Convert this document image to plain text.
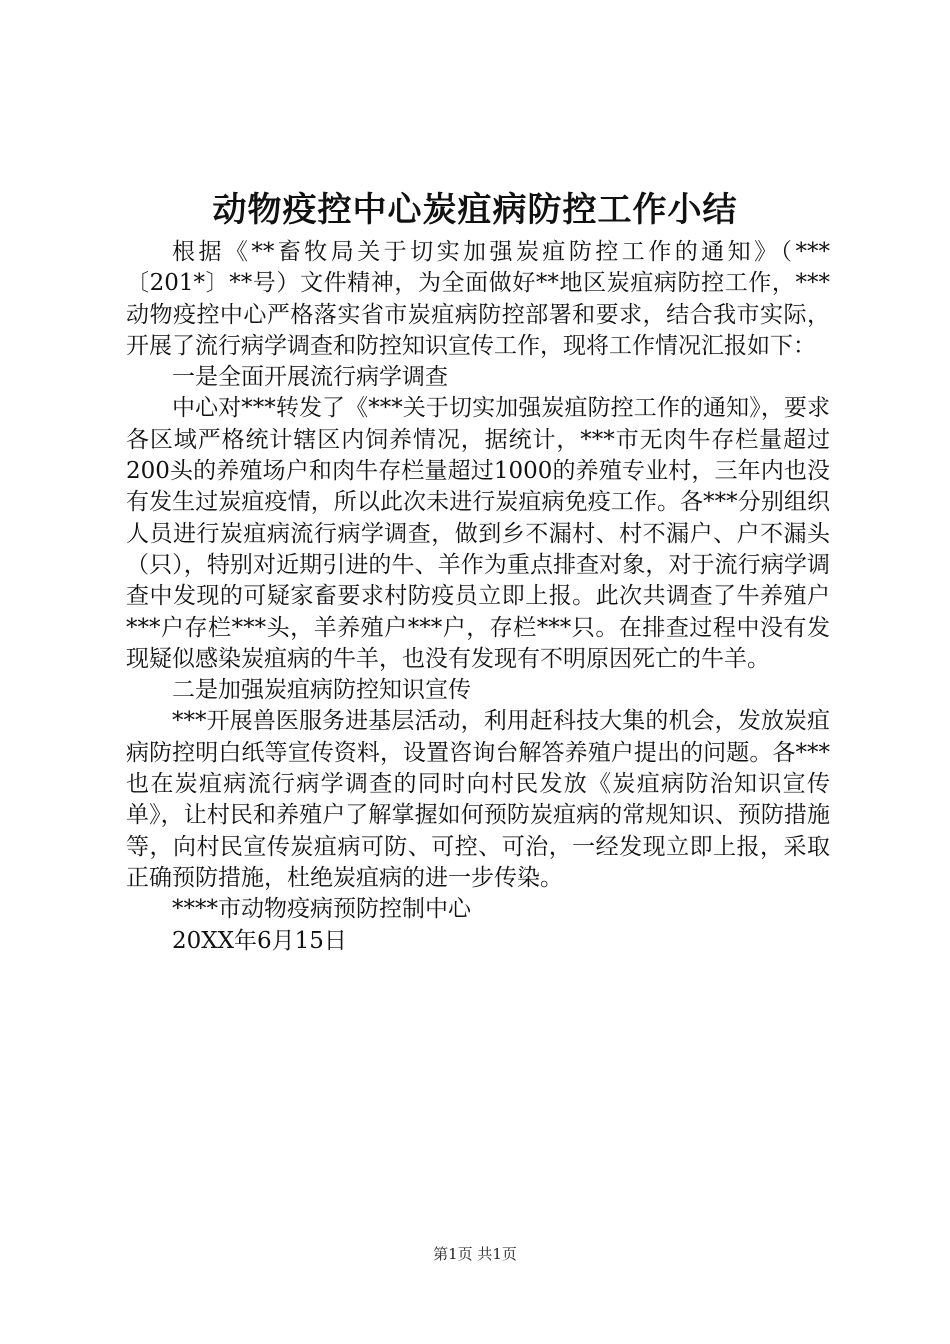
动物疫控中心炭疽病防控工作小结

根据《**畜牧局关于切实加强炭疽防控工作的通知》（***〔201*〕**号）文件精神，为全面做好**地区炭疽病防控工作，***动物疫控中心严格落实省市炭疽病防控部署和要求，结合我市实际，开展了流行病学调查和防控知识宣传工作，现将工作情况汇报如下：

一是全面开展流行病学调查

中心对***转发了《***关于切实加强炭疽防控工作的通知》，要求各区域严格统计辖区内饲养情况，据统计，***市无肉牛存栏量超过200头的养殖场户和肉牛存栏量超过1000的养殖专业村，三年内也没有发生过炭疽疫情，所以此次未进行炭疽病免疫工作。各***分别组织人员进行炭疽病流行病学调查，做到乡不漏村、村不漏户、户不漏头（只），特别对近期引进的牛、羊作为重点排查对象，对于流行病学调查中发现的可疑家畜要求村防疫员立即上报。此次共调查了牛养殖户***户存栏***头，羊养殖户***户，存栏***只。在排查过程中没有发现疑似感染炭疽病的牛羊，也没有发现有不明原因死亡的牛羊。

二是加强炭疽病防控知识宣传

***开展兽医服务进基层活动，利用赶科技大集的机会，发放炭疽病防控明白纸等宣传资料，设置咨询台解答养殖户提出的问题。各***也在炭疽病流行病学调查的同时向村民发放《炭疽病防治知识宣传单》，让村民和养殖户了解掌握如何预防炭疽病的常规知识、预防措施等，向村民宣传炭疽病可防、可控、可治，一经发现立即上报，采取正确预防措施，杜绝炭疽病的进一步传染。

****市动物疫病预防控制中心

20XX年6月15日

第1页 共1页
